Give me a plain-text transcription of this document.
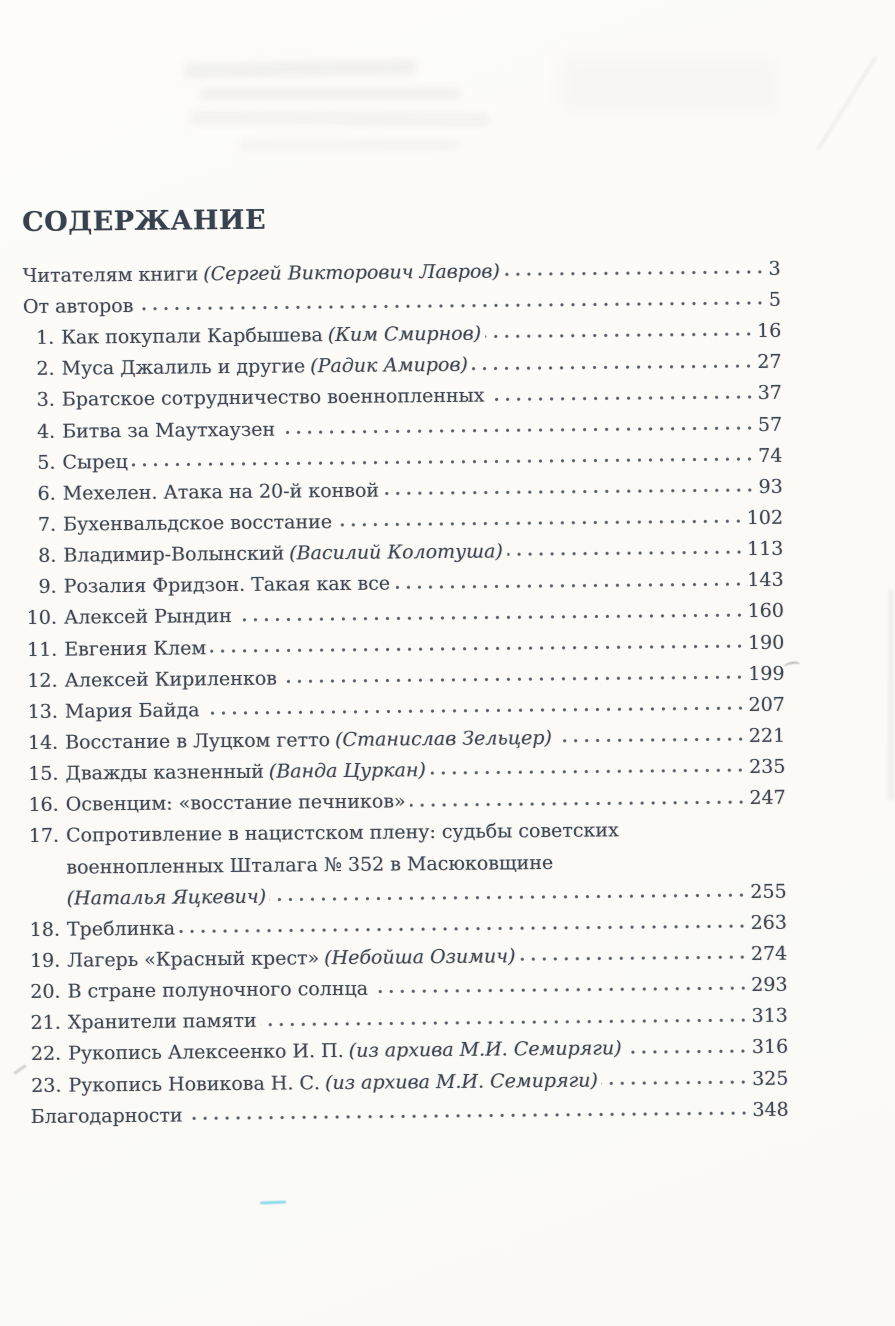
СОДЕРЖАНИЕ
Читателям книги (Сергей Викторович Лавров)	3
От авторов	5
1. Как покупали Карбышева (Ким Смирнов)	16
2. Муса Джалиль и другие (Радик Амиров)	27
3. Братское сотрудничество военнопленных	37
4. Битва за Маутхаузен	57
5. Сырец	74
6. Мехелен. Атака на 20-й конвой	93
7. Бухенвальдское восстание	102
8. Владимир-Волынский (Василий Колотуша)	113
9. Розалия Фридзон. Такая как все	143
10. Алексей Рындин	160
11. Евгения Клем	190
12. Алексей Кириленков	199
13. Мария Байда	207
14. Восстание в Луцком гетто (Станислав Зельцер)	221
15. Дважды казненный (Ванда Цуркан)	235
16. Освенцим: «восстание печников»	247
17. Сопротивление в нацистском плену: судьбы советских
военнопленных Шталага № 352 в Масюковщине
(Наталья Яцкевич)	255
18. Треблинка	263
19. Лагерь «Красный крест» (Небойша Озимич)	274
20. В стране полуночного солнца	293
21. Хранители памяти	313
22. Рукопись Алексеенко И. П. (из архива М.И. Семиряги)	316
23. Рукопись Новикова Н. С. (из архива М.И. Семиряги)	325
Благодарности	348
